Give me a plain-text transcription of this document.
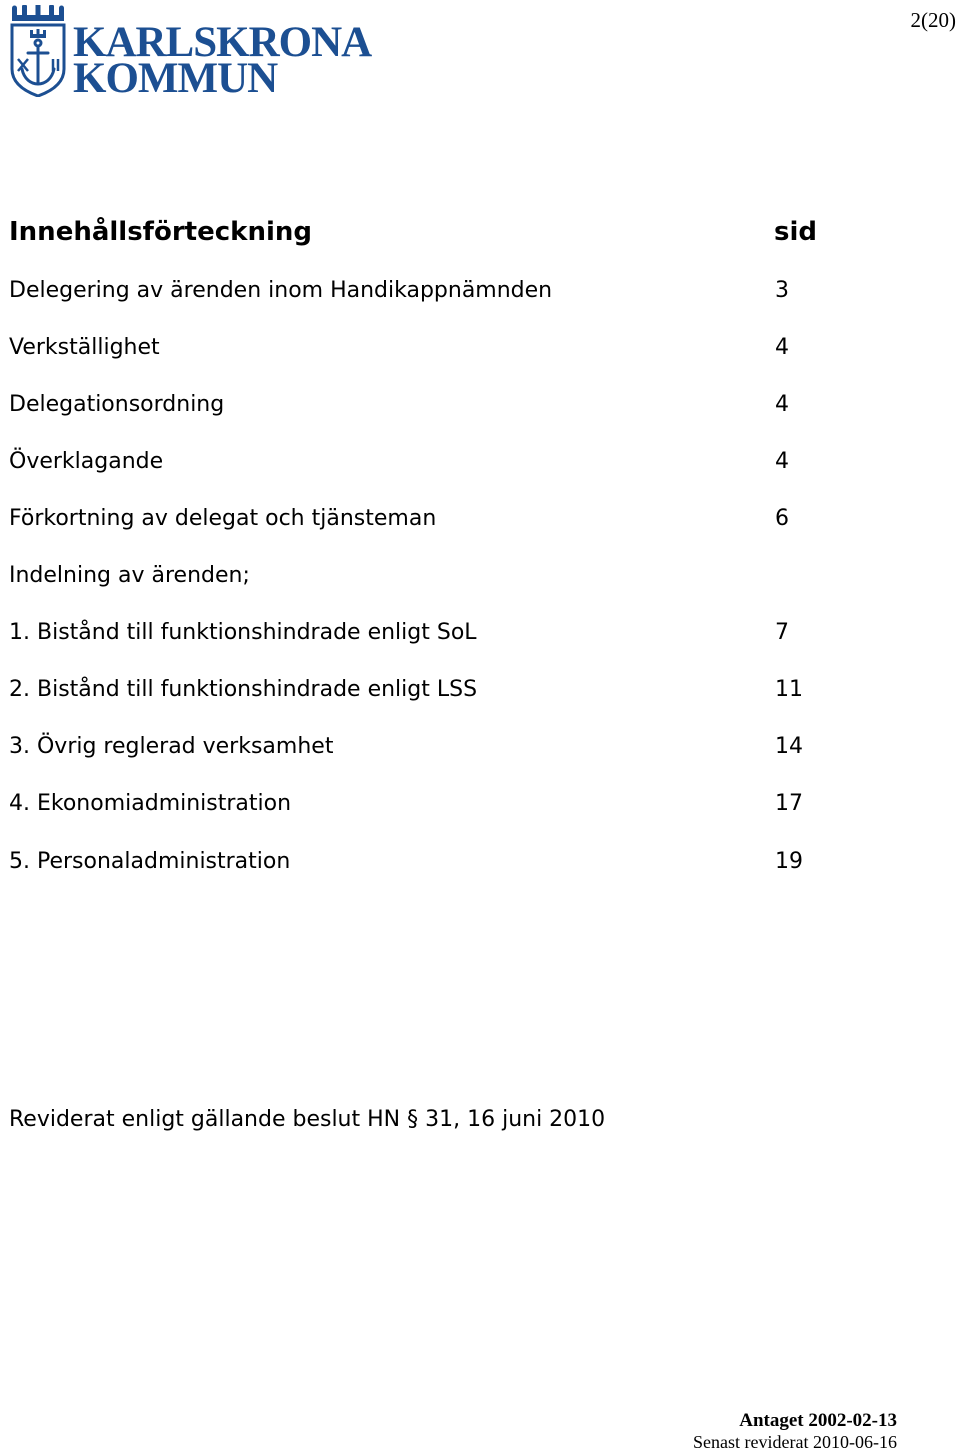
2(20)
KARLSKRONA
KOMMUN
Innehållsförteckning	sid
Delegering av ärenden inom Handikappnämnden	3
Verkställighet	4
Delegationsordning	4
Överklagande	4
Förkortning av delegat och tjänsteman	6
Indelning av ärenden;
1. Bistånd till funktionshindrade enligt SoL	7
2. Bistånd till funktionshindrade enligt LSS	11
3. Övrig reglerad verksamhet	14
4. Ekonomiadministration	17
5. Personaladministration	19
Reviderat enligt gällande beslut HN § 31, 16 juni 2010
Antaget 2002-02-13
Senast reviderat 2010-06-16
